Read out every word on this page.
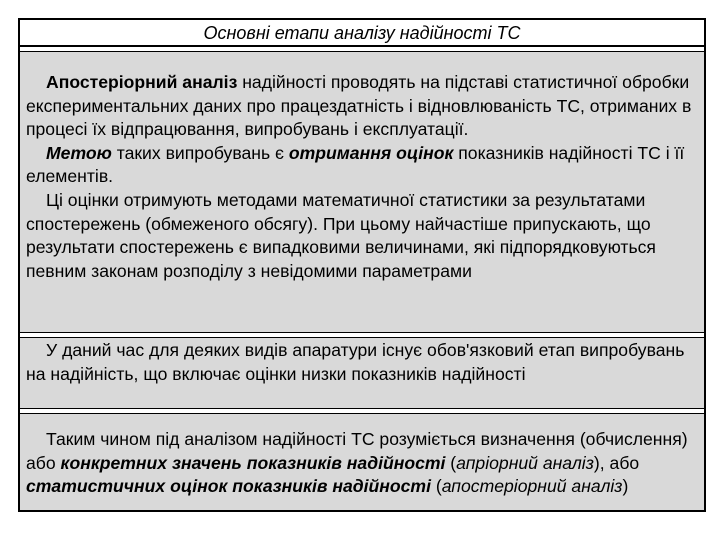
Основні етапи аналізу надійності ТС

Апостеріорний аналіз надійності проводять на підставі статистичної обробки експериментальних даних про працездатність і відновлюваність ТС, отриманих в процесі їх відпрацювання, випробувань і експлуатації.

Метою таких випробувань є отримання оцінок показників надійності ТС і її елементів.

Ці оцінки отримують методами математичної статистики за результатами спостережень (обмеженого обсягу). При цьому найчастіше припускають, що результати спостережень є випадковими величинами, які підпорядковуються певним законам розподілу з невідомими параметрами

У даний час для деяких видів апаратури існує обов'язковий етап випробувань на надійність, що включає оцінки низки показників надійності

Таким чином під аналізом надійності ТС розуміється визначення (обчислення) або конкретних значень показників надійності (апріорний аналіз), або статистичних оцінок показників надійності (апостеріорний аналіз)
